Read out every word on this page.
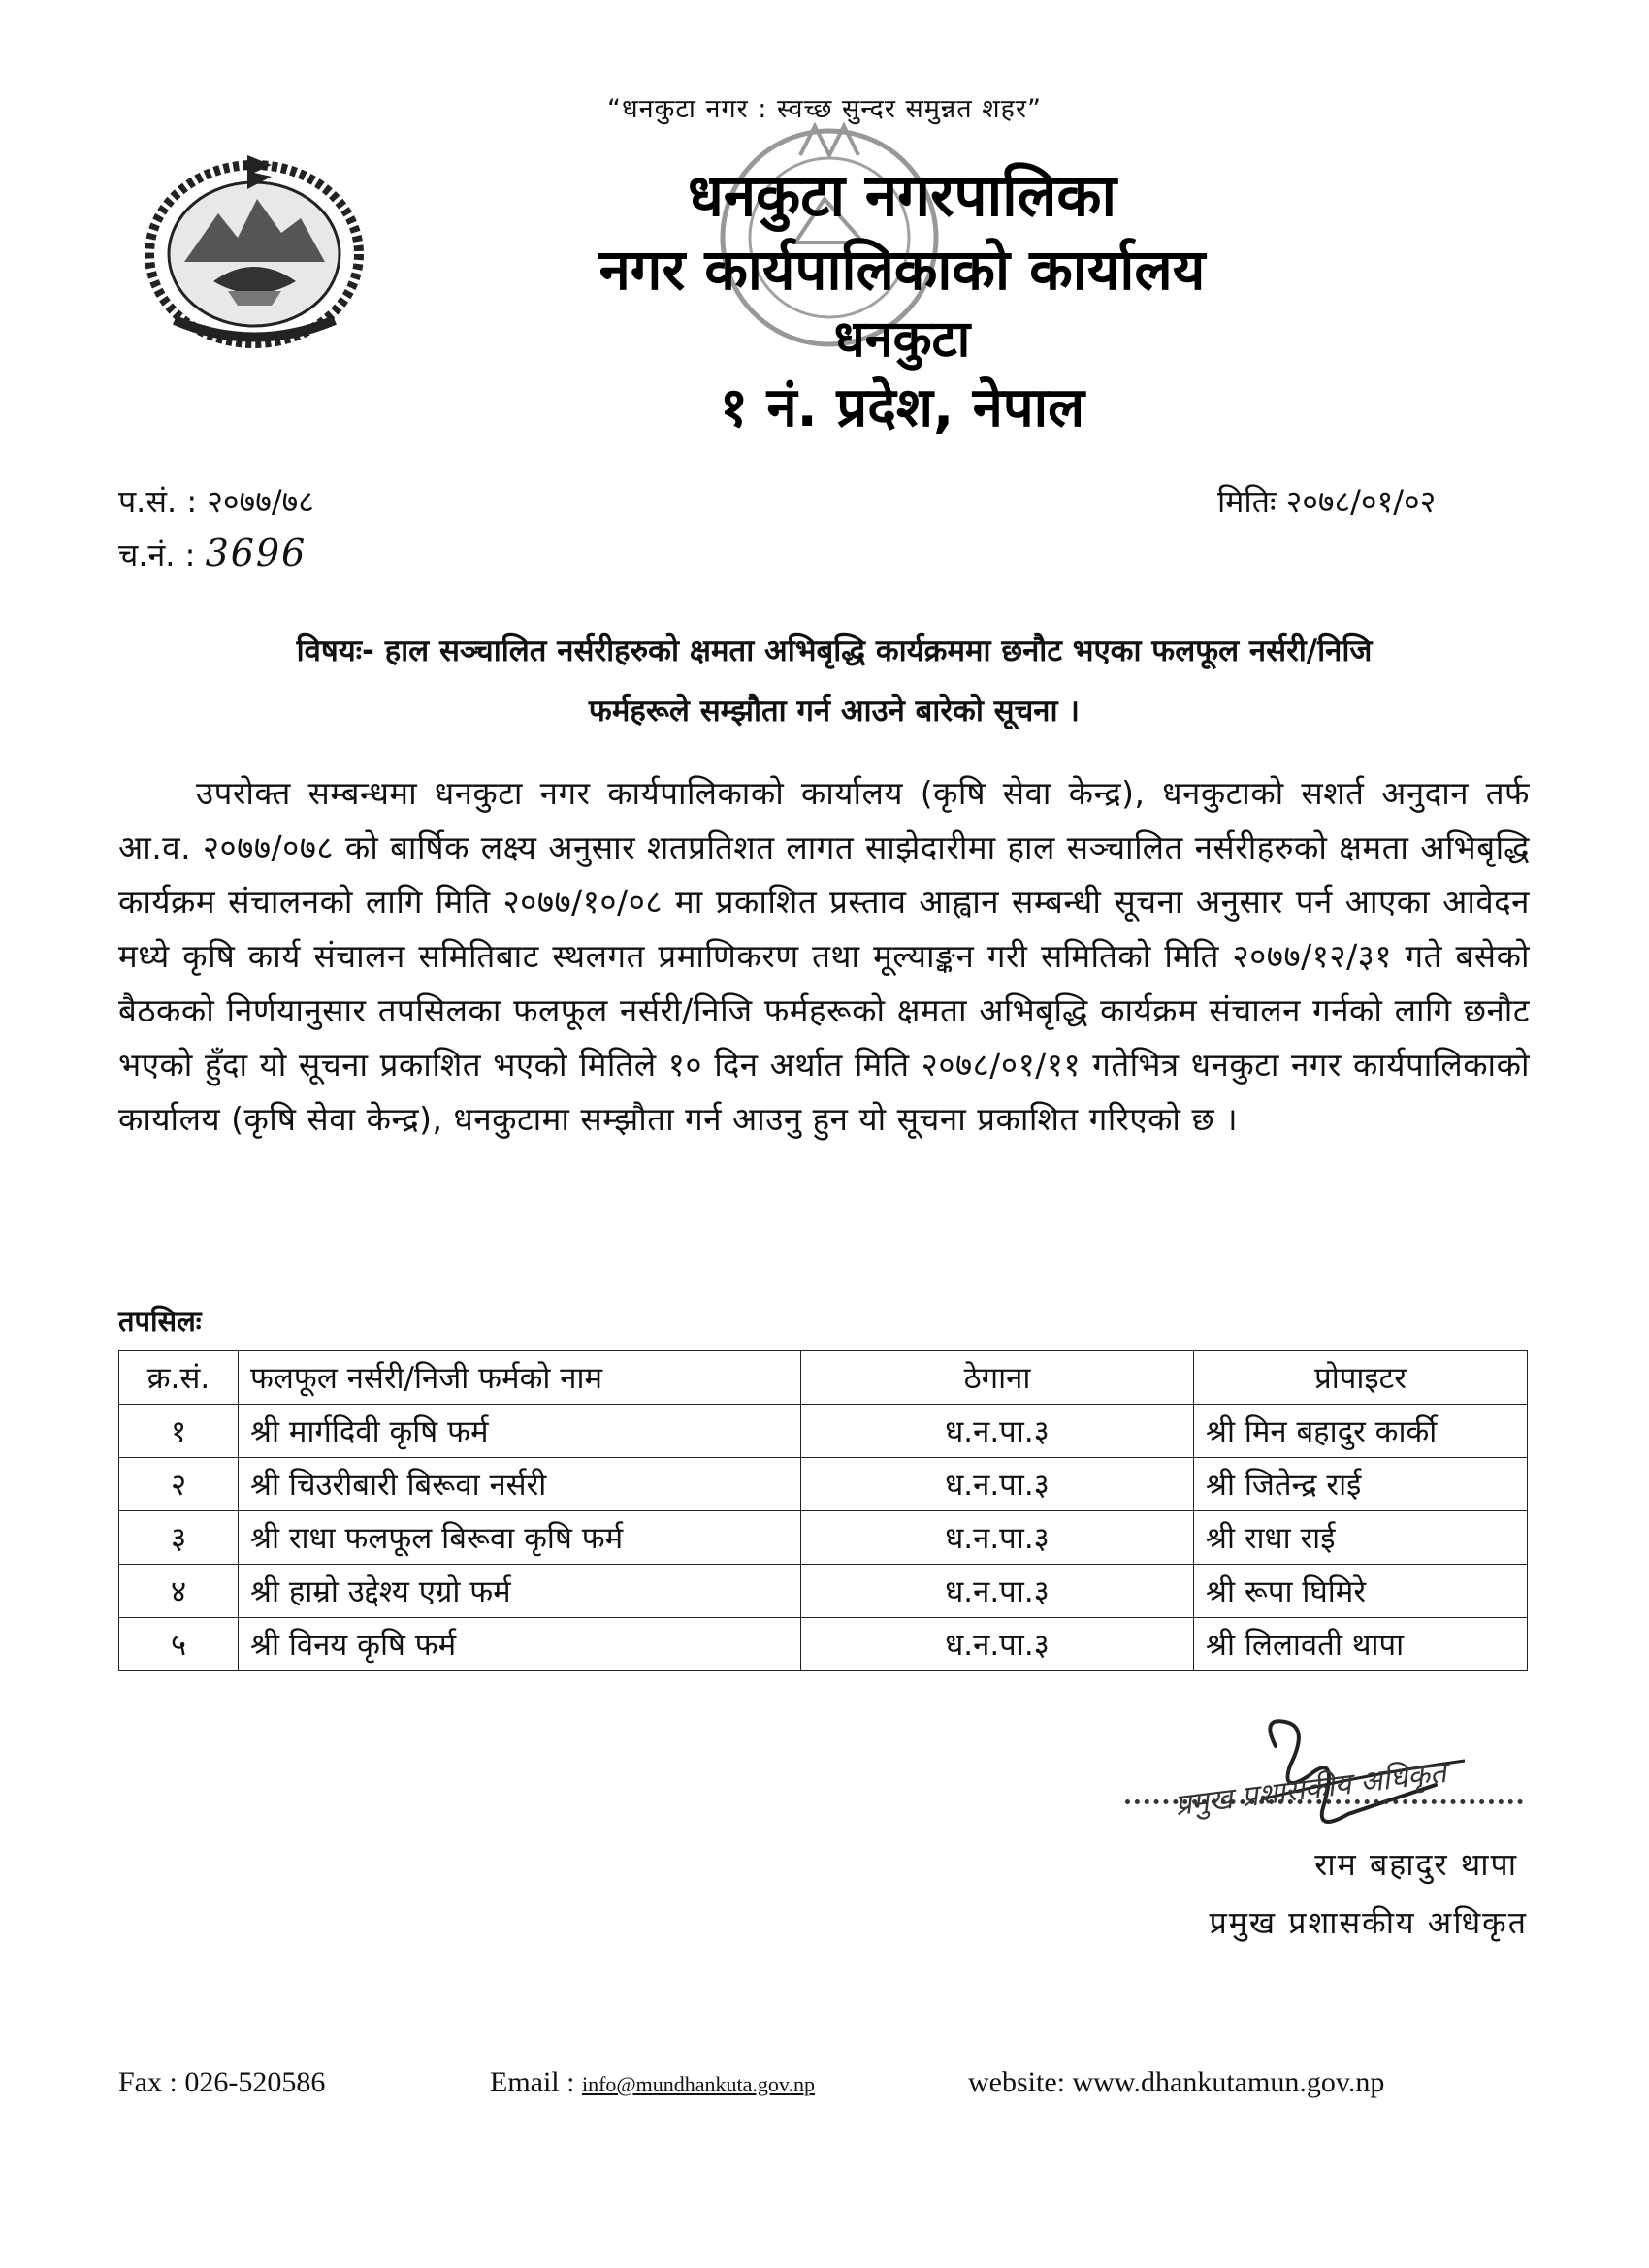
“धनकुटा नगर : स्वच्छ सुन्दर समुन्नत शहर”
धनकुटा नगरपालिका
नगर कार्यपालिकाको कार्यालय
धनकुटा
१ नं. प्रदेश, नेपाल
प.सं. : २०७७/७८
च.नं. : 3696
मितिः २०७८/०१/०२
विषयः- हाल सञ्चालित नर्सरीहरुको क्षमता अभिबृद्धि कार्यक्रममा छनौट भएका फलफूल नर्सरी/निजि
फर्महरूले सम्झौता गर्न आउने बारेको सूचना ।
उपरोक्त सम्बन्धमा धनकुटा नगर कार्यपालिकाको कार्यालय (कृषि सेवा केन्द्र), धनकुटाको सशर्त अनुदान तर्फ आ.व. २०७७/०७८ को बार्षिक लक्ष्य अनुसार शतप्रतिशत लागत साझेदारीमा हाल सञ्चालित नर्सरीहरुको क्षमता अभिबृद्धि कार्यक्रम संचालनको लागि मिति २०७७/१०/०८ मा प्रकाशित प्रस्ताव आह्वान सम्बन्धी सूचना अनुसार पर्न आएका आवेदन मध्ये कृषि कार्य संचालन समितिबाट स्थलगत प्रमाणिकरण तथा मूल्याङ्कन गरी समितिको मिति २०७७/१२/३१ गते बसेको बैठकको निर्णयानुसार तपसिलका फलफूल नर्सरी/निजि फर्महरूको क्षमता अभिबृद्धि कार्यक्रम संचालन गर्नको लागि छनौट भएको हुँदा यो सूचना प्रकाशित भएको मितिले १० दिन अर्थात मिति २०७८/०१/११ गतेभित्र धनकुटा नगर कार्यपालिकाको कार्यालय (कृषि सेवा केन्द्र), धनकुटामा सम्झौता गर्न आउनु हुन यो सूचना प्रकाशित गरिएको छ ।
तपसिलः
क्र.सं.	फलफूल नर्सरी/निजी फर्मको नाम	ठेगाना	प्रोपाइटर
१	श्री मार्गदिवी कृषि फर्म	ध.न.पा.३	श्री मिन बहादुर कार्की
२	श्री चिउरीबारी बिरूवा नर्सरी	ध.न.पा.३	श्री जितेन्द्र राई
३	श्री राधा फलफूल बिरूवा कृषि फर्म	ध.न.पा.३	श्री राधा राई
४	श्री हाम्रो उद्देश्य एग्रो फर्म	ध.न.पा.३	श्री रूपा घिमिरे
५	श्री विनय कृषि फर्म	ध.न.पा.३	श्री लिलावती थापा
प्रमुख प्रशासकीय अधिकृत
राम बहादुर थापा
प्रमुख प्रशासकीय अधिकृत
Fax : 026-520586	Email : info@mundhankuta.gov.np	website: www.dhankutamun.gov.np
